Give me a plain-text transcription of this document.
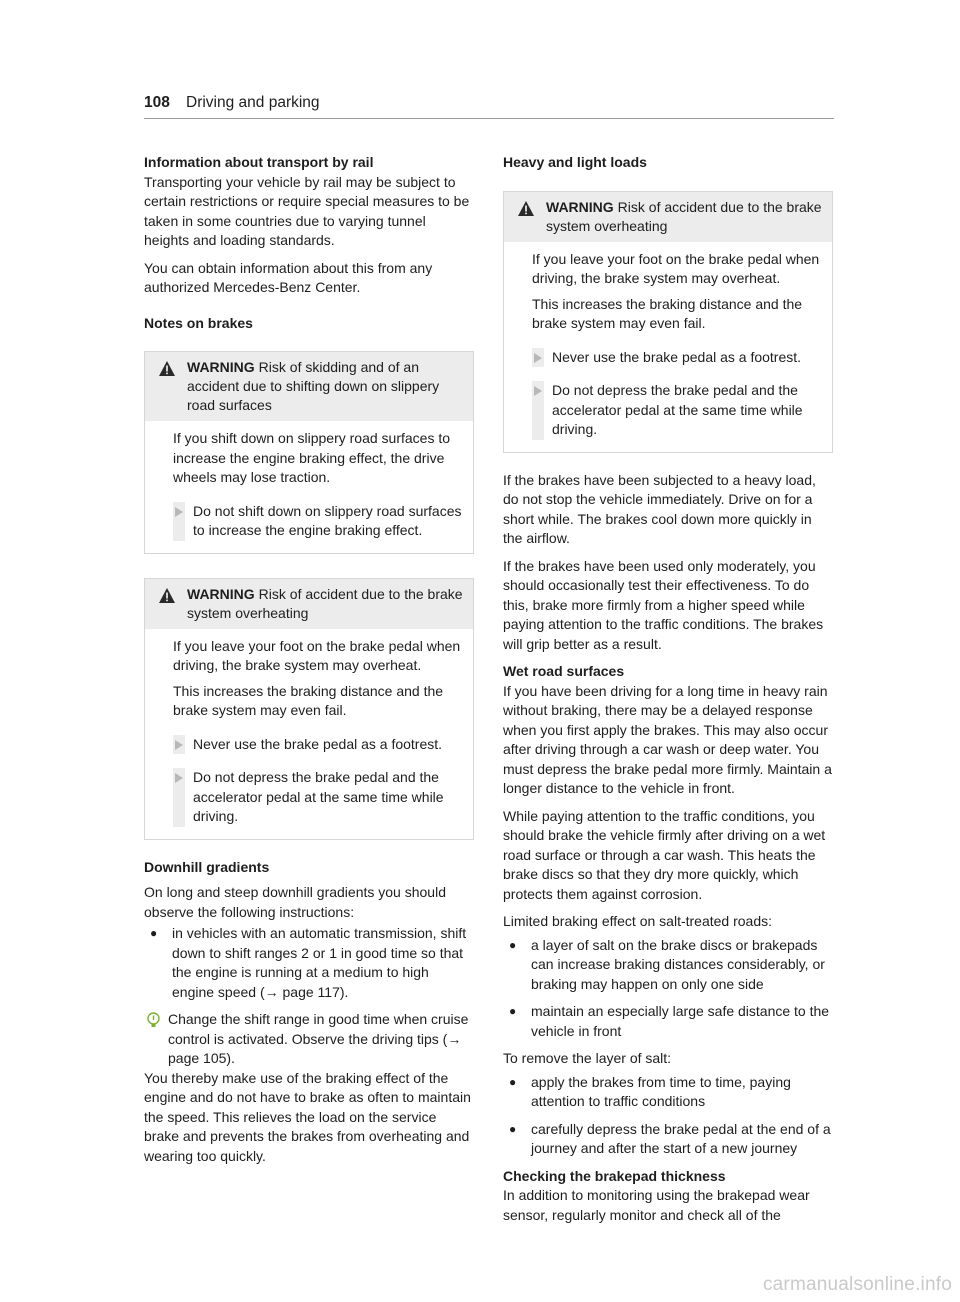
108 Driving and parking
Information about transport by rail

Transporting your vehicle by rail may be subject to certain restrictions or require special measures to be taken in some countries due to varying tunnel heights and loading standards.

You can obtain information about this from any authorized Mercedes-Benz Center.

Notes on brakes
WARNING Risk of skidding and of an accident due to shifting down on slippery road surfaces

If you shift down on slippery road surfaces to increase the engine braking effect, the drive wheels may lose traction.

Do not shift down on slippery road surfaces to increase the engine braking effect.
WARNING Risk of accident due to the brake system overheating

If you leave your foot on the brake pedal when driving, the brake system may overheat.

This increases the braking distance and the brake system may even fail.

Never use the brake pedal as a footrest.
Do not depress the brake pedal and the accelerator pedal at the same time while driving.
Downhill gradients

On long and steep downhill gradients you should observe the following instructions:

●	in vehicles with an automatic transmission, shift down to shift ranges 2 or 1 in good time so that the engine is running at a medium to high engine speed (→ page 117).
Change the shift range in good time when cruise control is activated. Observe the driving tips (→ page 105).

You thereby make use of the braking effect of the engine and do not have to brake as often to maintain the speed. This relieves the load on the service brake and prevents the brakes from overheating and wearing too quickly.

Heavy and light loads
WARNING Risk of accident due to the brake system overheating

If you leave your foot on the brake pedal when driving, the brake system may overheat.

This increases the braking distance and the brake system may even fail.

Never use the brake pedal as a footrest.
Do not depress the brake pedal and the accelerator pedal at the same time while driving.

If the brakes have been subjected to a heavy load, do not stop the vehicle immediately. Drive on for a short while. The brakes cool down more quickly in the airflow.

If the brakes have been used only moderately, you should occasionally test their effectiveness. To do this, brake more firmly from a higher speed while paying attention to the traffic conditions. The brakes will grip better as a result.

Wet road surfaces

If you have been driving for a long time in heavy rain without braking, there may be a delayed response when you first apply the brakes. This may also occur after driving through a car wash or deep water. You must depress the brake pedal more firmly. Maintain a longer distance to the vehicle in front.

While paying attention to the traffic conditions, you should brake the vehicle firmly after driving on a wet road surface or through a car wash. This heats the brake discs so that they dry more quickly, which protects them against corrosion.

Limited braking effect on salt-treated roads:

●	a layer of salt on the brake discs or brakepads can increase braking distances considerably, or braking may happen on only one side
●	maintain an especially large safe distance to the vehicle in front

To remove the layer of salt:

●	apply the brakes from time to time, paying attention to traffic conditions
●	carefully depress the brake pedal at the end of a journey and after the start of a new journey
Checking the brakepad thickness

In addition to monitoring using the brakepad wear sensor, regularly monitor and check all of the

carmanualsonline.info
